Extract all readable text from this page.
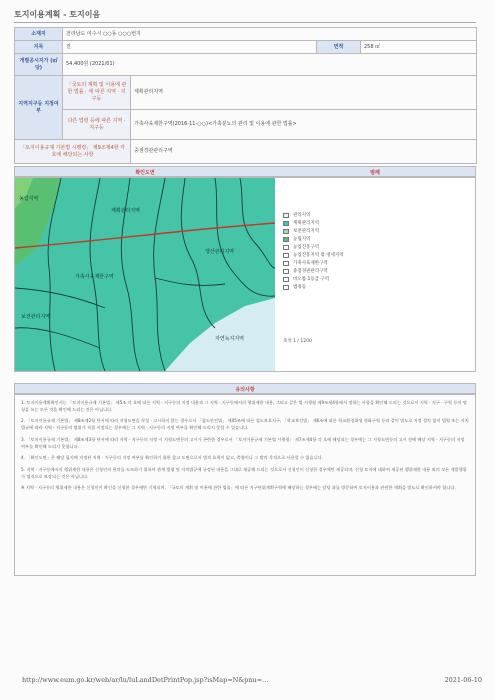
토지이용계획 - 토지이음
소재지	전라남도 여수시 ○○동 ○○○번지			
지목	전		면적	258 ㎡
개별공시지가 (㎡당)	54,400원 (2021/01)			
지역지구등 지정여부	「국토의 계획 및 이용에 관한 법률」에 따른 지역 · 지구등	계획관리지역		
	다른 법령 등에 따른 지역 · 지구등	가축사육제한구역(2016-11-○○)<가축분뇨의 관리 및 이용에 관한 법률>		
「토지이용규제 기본법 시행령」 제9조제4항 각 호에 해당되는 사항		중점경관관리구역		
확인도면	범례
계획관리지역
보전관리지역
농림지역
가축사육제한구역
생산관리지역
자연녹지지역
관리지역
계획관리지역
보전관리지역
농림지역
농업진흥구역
농업진흥지역 밖 영세지역
가축사육제한구역
중점경관관리구역
비오톱 1등급 구역
법정동
축척 1 / 1200
유의사항

1. 토지이용계획확인서는 「토지이용규제 기본법」 제5조 각 호에 따른 지역 · 지구등의 지정 내용과 그 지역 · 지구등에서의 행위제한 내용, 그리고 같은 법 시행령 제9조제4항에서 정하는 사항을 확인해 드리는 것으로서 지역 · 지구 · 구역 등의 명칭을 쓰는 모든 것을 확인해 드리는 것은 아닙니다.

2. 「토지이용규제 기본법」 제8조제2항 단서에 따라 지형도면을 작성 · 고시하지 않는 경우로서 「철도안전법」 제45조에 따른 철도보호지구, 「학교보건법」 제6조에 따른 학교환경위생 정화구역 등과 같이 별도로 지정 절차 없이 법령 또는 자치법규에 따라 지역 · 지구등의 범위가 직접 지정되는 경우에는 그 지역 · 지구등의 지정 여부를 확인해 드리지 못할 수 있습니다.

3. 「토지이용규제 기본법」 제8조제3항 단서에 따라 지역 · 지구등의 지정 시 지형도면등의 고시가 곤란한 경우로서 「토지이용규제 기본법 시행령」 제7조제4항 각 호에 해당되는 경우에는 그 지형도면등의 고시 전에 해당 지역 · 지구등의 지정 여부를 확인해 드리지 못합니다.

4. 「확인도면」은 해당 필지에 지정된 지역 · 지구등의 지정 여부를 확인하기 위한 참고 도면으로서 법적 효력이 없고, 측량이나 그 밖의 목적으로 사용할 수 없습니다.

5. 지역 · 지구등에서의 행위제한 내용은 신청인의 편의를 도모하기 위하여 관계 법령 및 자치법규에 규정된 내용을 그대로 제공해 드리는 것으로서 신청인이 신청한 경우에만 제공되며, 신청 토지에 대하여 제공된 행위제한 내용 외의 모든 개발행위가 법적으로 보장되는 것은 아닙니다.

※ 지역 · 지구등의 행위제한 내용은 신청인이 확인을 신청한 경우에만 기재되며, 「국토의 계획 및 이용에 관한 법률」에 따른 지구단위계획구역에 해당하는 경우에는 담당 과를 방문하여 토지이용과 관련한 계획을 별도로 확인하셔야 합니다.

http://www.eum.go.kr/web/ar/lu/luLandDetPrintPop.jsp?isMap=N&pnu=...	2021-06-10
